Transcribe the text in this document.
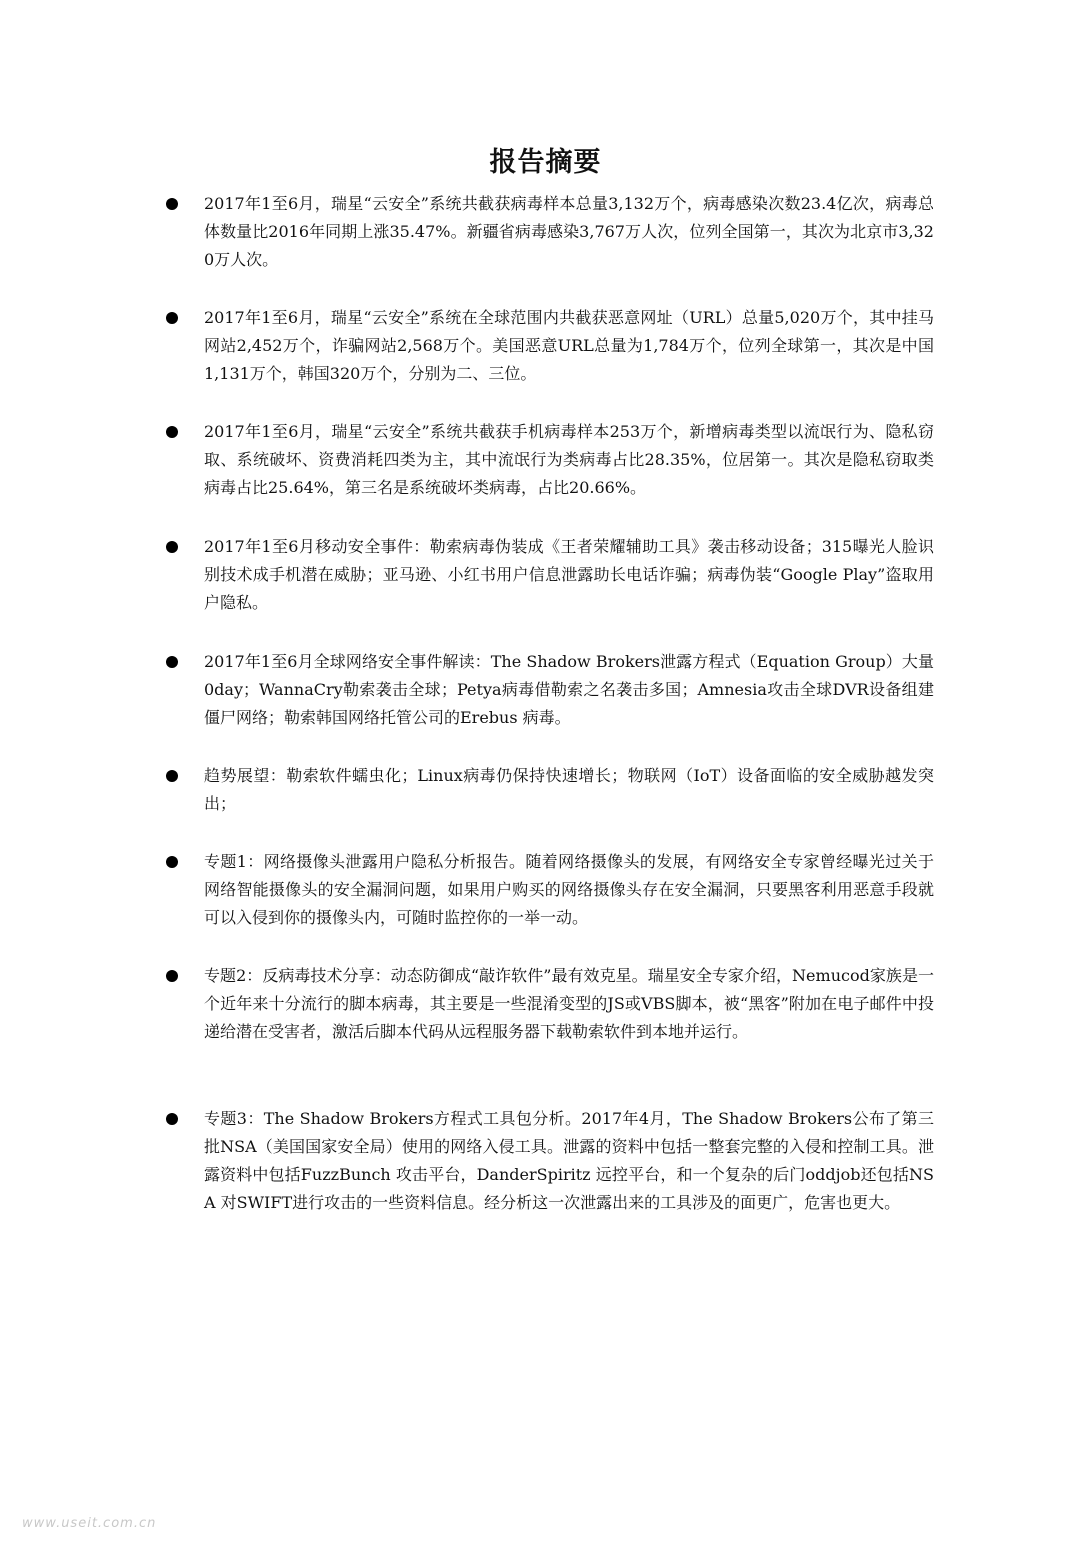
报告摘要
2017年1至6月，瑞星“云安全”系统共截获病毒样本总量3,132万个，病毒感染次数23.4亿次，病毒总体数量比2016年同期上涨35.47%。新疆省病毒感染3,767万人次，位列全国第一，其次为北京市3,320万人次。
2017年1至6月，瑞星“云安全”系统在全球范围内共截获恶意网址（URL）总量5,020万个，其中挂马网站2,452万个，诈骗网站2,568万个。美国恶意URL总量为1,784万个，位列全球第一，其次是中国1,131万个，韩国320万个，分别为二、三位。
2017年1至6月，瑞星“云安全”系统共截获手机病毒样本253万个，新增病毒类型以流氓行为、隐私窃取、系统破坏、资费消耗四类为主，其中流氓行为类病毒占比28.35%，位居第一。其次是隐私窃取类病毒占比25.64%，第三名是系统破坏类病毒，占比20.66%。
2017年1至6月移动安全事件：勒索病毒伪装成《王者荣耀辅助工具》袭击移动设备；315曝光人脸识别技术成手机潜在威胁；亚马逊、小红书用户信息泄露助长电话诈骗；病毒伪装“Google Play”盗取用户隐私。
2017年1至6月全球网络安全事件解读：The Shadow Brokers泄露方程式（Equation Group）大量0day；WannaCry勒索袭击全球；Petya病毒借勒索之名袭击多国；Amnesia攻击全球DVR设备组建僵尸网络；勒索韩国网络托管公司的Erebus 病毒。
趋势展望：勒索软件蠕虫化；Linux病毒仍保持快速增长；物联网（IoT）设备面临的安全威胁越发突出；
专题1：网络摄像头泄露用户隐私分析报告。随着网络摄像头的发展，有网络安全专家曾经曝光过关于网络智能摄像头的安全漏洞问题，如果用户购买的网络摄像头存在安全漏洞，只要黑客利用恶意手段就可以入侵到你的摄像头内，可随时监控你的一举一动。
专题2：反病毒技术分享：动态防御成“敲诈软件”最有效克星。瑞星安全专家介绍，Nemucod家族是一个近年来十分流行的脚本病毒，其主要是一些混淆变型的JS或VBS脚本，被“黑客”附加在电子邮件中投递给潜在受害者，激活后脚本代码从远程服务器下载勒索软件到本地并运行。
专题3：The Shadow Brokers方程式工具包分析。2017年4月，The Shadow Brokers公布了第三批NSA（美国国家安全局）使用的网络入侵工具。泄露的资料中包括一整套完整的入侵和控制工具。泄露资料中包括FuzzBunch 攻击平台，DanderSpiritz 远控平台，和一个复杂的后门oddjob还包括NSA 对SWIFT进行攻击的一些资料信息。经分析这一次泄露出来的工具涉及的面更广，危害也更大。
www.useit.com.cn
